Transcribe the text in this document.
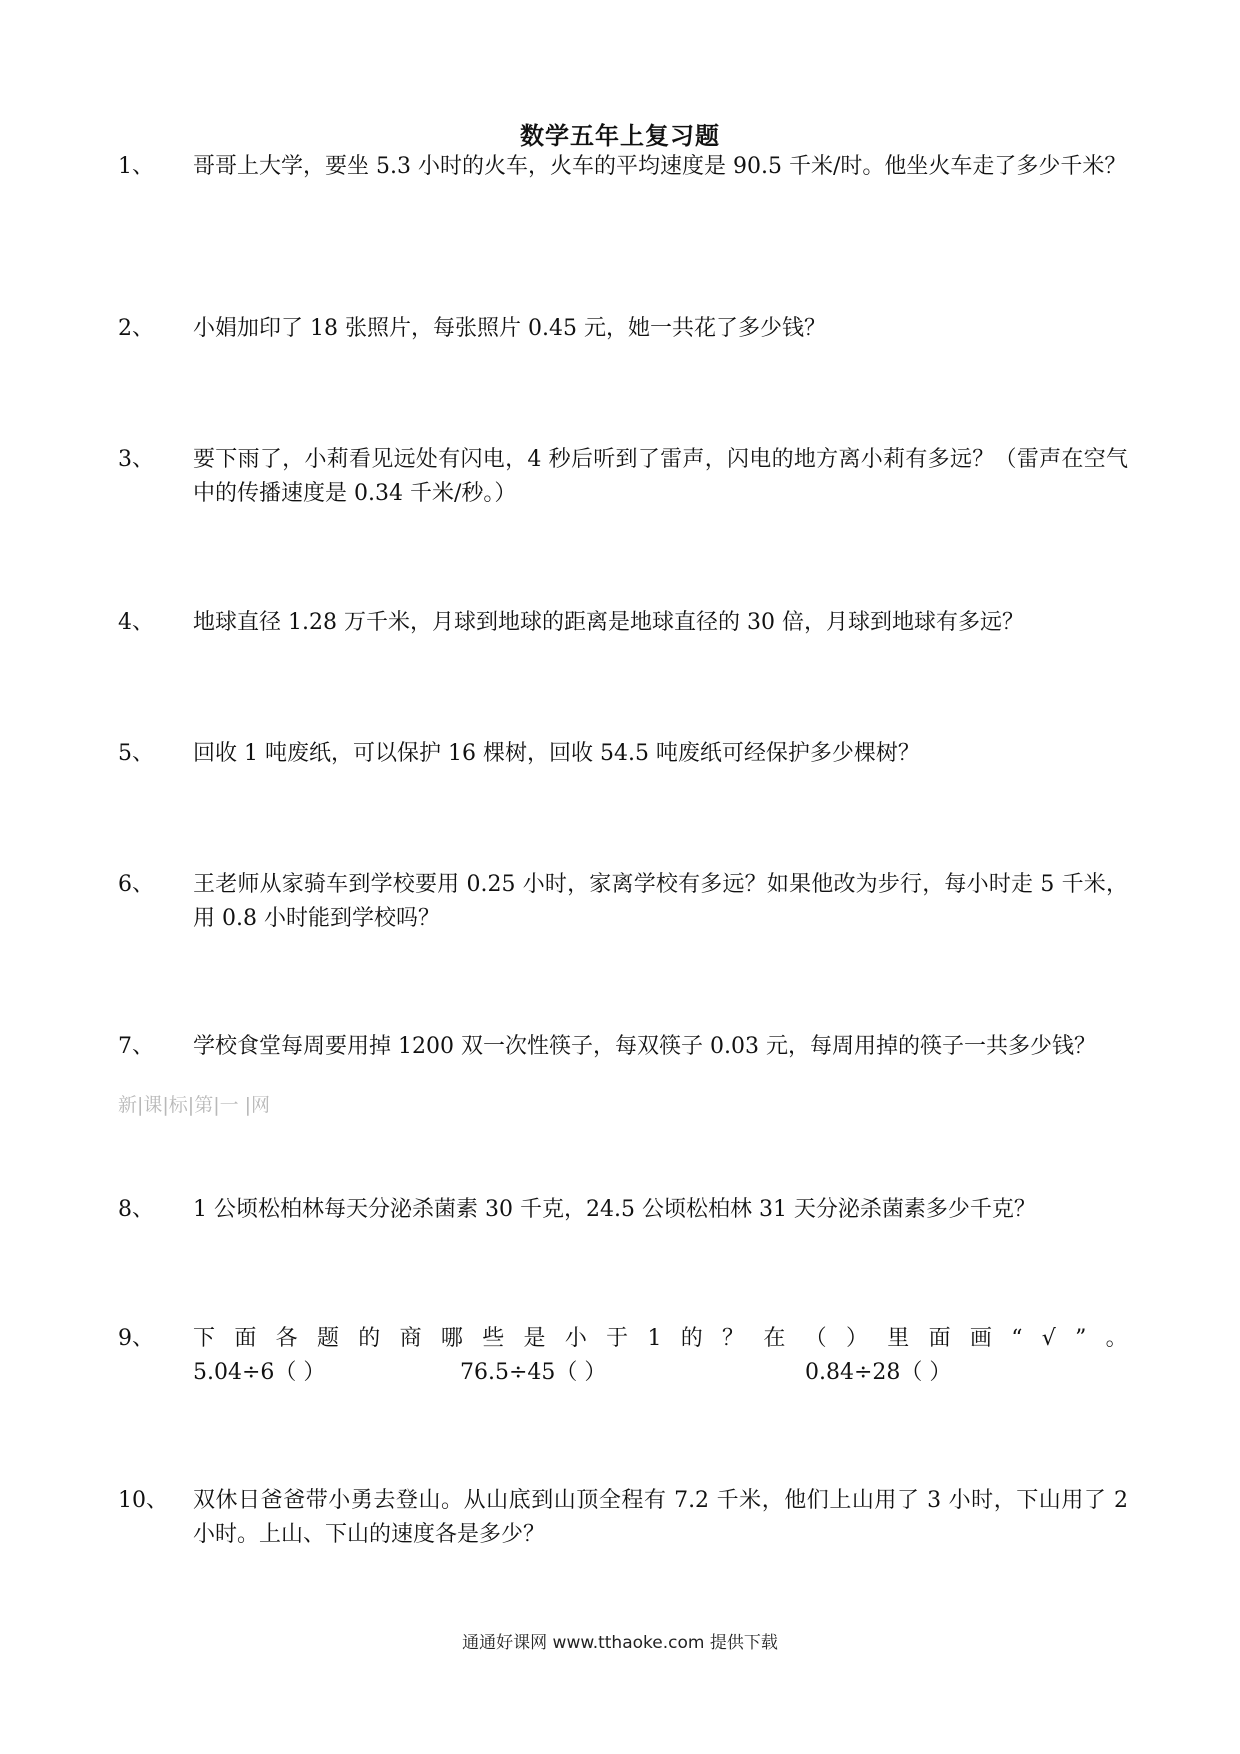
数学五年上复习题
1、 哥哥上大学，要坐 5.3 小时的火车，火车的平均速度是 90.5 千米/时。他坐火车走了多少千米？
2、 小娟加印了 18 张照片，每张照片 0.45 元，她一共花了多少钱？
3、 要下雨了，小莉看见远处有闪电，4 秒后听到了雷声，闪电的地方离小莉有多远？（雷声在空气中的传播速度是 0.34 千米/秒。）
4、 地球直径 1.28 万千米，月球到地球的距离是地球直径的 30 倍，月球到地球有多远？
5、 回收 1 吨废纸，可以保护 16 棵树，回收 54.5 吨废纸可经保护多少棵树？
6、 王老师从家骑车到学校要用 0.25 小时，家离学校有多远？如果他改为步行，每小时走 5 千米，用 0.8 小时能到学校吗？
7、 学校食堂每周要用掉 1200 双一次性筷子，每双筷子 0.03 元，每周用掉的筷子一共多少钱？
新|课|标|第|一 |网
8、 1 公顷松柏林每天分泌杀菌素 30 千克，24.5 公顷松柏林 31 天分泌杀菌素多少千克？
9、 下 面 各 题 的 商 哪 些 是 小 于 1 的 ？ 在 （ ） 里 面 画 “ √ ” 。
5.04÷6（ ）	76.5÷45（ ）	0.84÷28（ ）
10、 双休日爸爸带小勇去登山。从山底到山顶全程有 7.2 千米，他们上山用了 3 小时，下山用了 2 小时。上山、下山的速度各是多少？
通通好课网 www.tthaoke.com 提供下载
